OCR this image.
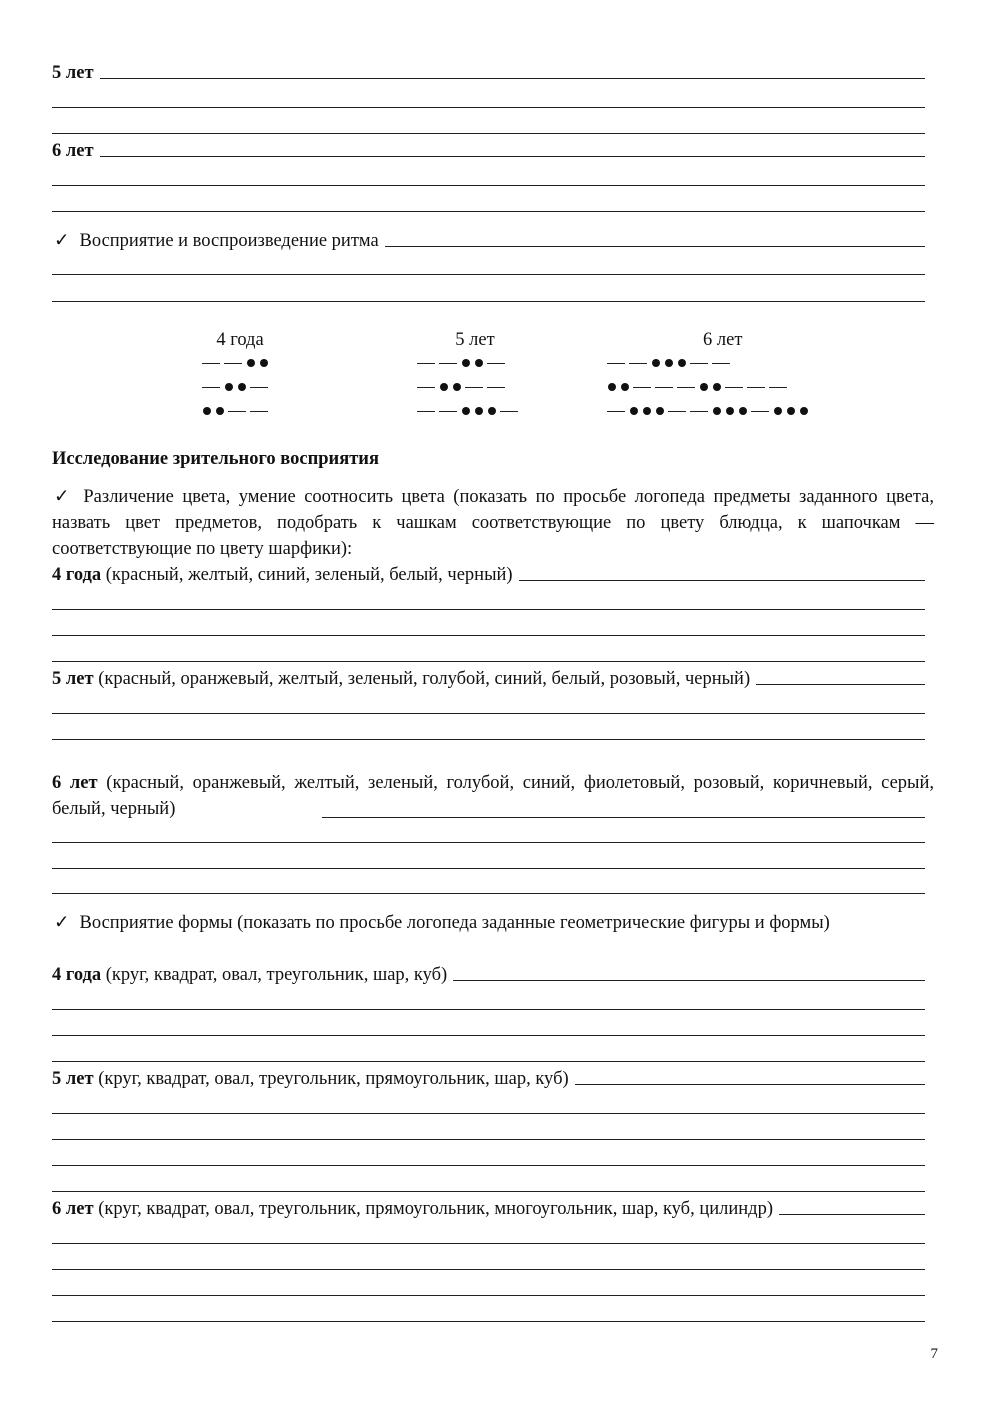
5 лет
6 лет
✓ Восприятие и воспроизведение ритма
4 года	5 лет	6 лет
Исследование зрительного восприятия
✓ Различение цвета, умение соотносить цвета (показать по просьбе логопеда предметы заданного цвета, назвать цвет предметов, подобрать к чашкам соответствующие по цвету блюдца, к шапочкам — соответствующие по цвету шарфики):
4 года (красный, желтый, синий, зеленый, белый, черный)
5 лет (красный, оранжевый, желтый, зеленый, голубой, синий, белый, розовый, черный)
6 лет (красный, оранжевый, желтый, зеленый, голубой, синий, фиолетовый, розовый, коричневый, серый, белый, черный)
✓ Восприятие формы (показать по просьбе логопеда заданные геометрические фигуры и формы)
4 года (круг, квадрат, овал, треугольник, шар, куб)
5 лет (круг, квадрат, овал, треугольник, прямоугольник, шар, куб)
6 лет (круг, квадрат, овал, треугольник, прямоугольник, многоугольник, шар, куб, цилиндр)
7
